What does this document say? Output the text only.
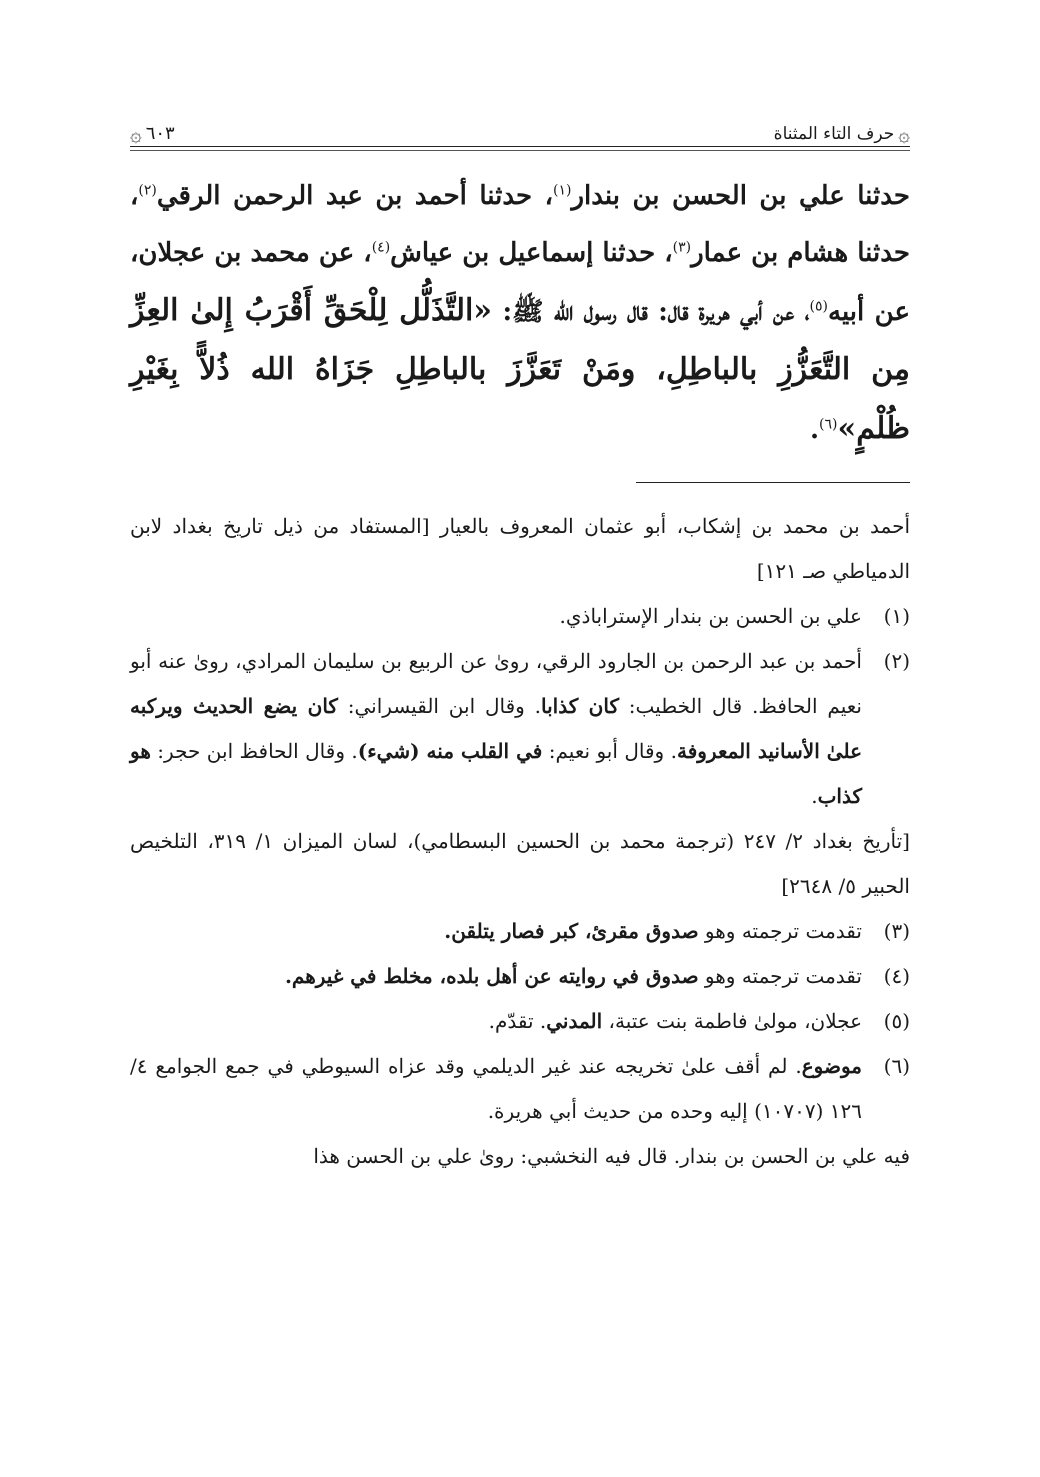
۞ ٦٠٣	۞
حرف التاء المثناة

حدثنا علي بن الحسن بن بندار$^{(١)}$، حدثنا أحمد بن عبد الرحمن الرقي$^{(٢)}$، حدثنا هشام بن عمار$^{(٣)}$، حدثنا إسماعيل بن عياش$^{(٤)}$، عن محمد بن عجلان، عن أبيه$^{(٥)}$، عن أبي هريرة قال: قال رسول الله ﷺ: «التَّذَلُّل لِلْحَقِّ أَقْرَبُ إِلىٰ العِزِّ مِن التَّعَزُّزِ بالباطِلِ، ومَنْ تَعَزَّزَ بالباطِلِ جَزَاهُ الله ذُلاًّ بِغَيْرِ ظُلْمٍ»$^{(٦)}$.

أحمد بن محمد بن إشكاب، أبو عثمان المعروف بالعيار [المستفاد من ذيل تاريخ بغداد لابن الدمياطي صـ ١٢١]

(١)
علي بن الحسن بن بندار الإستراباذي.
(٢)
أحمد بن عبد الرحمن بن الجارود الرقي، روىٰ عن الربيع بن سليمان المرادي، روىٰ عنه أبو نعيم الحافظ. قال الخطيب: كان كذابا. وقال ابن القيسراني: كان يضع الحديث ويركبه علىٰ الأسانيد المعروفة. وقال أبو نعيم: في القلب منه (شيء). وقال الحافظ ابن حجر: هو كذاب.

[تأريخ بغداد ٢/ ٢٤٧ (ترجمة محمد بن الحسين البسطامي)، لسان الميزان ١/ ٣١٩، التلخيص الحبير ٥/ ٢٦٤٨]

(٣)
تقدمت ترجمته وهو صدوق مقرئ، كبر فصار يتلقن.
(٤)
تقدمت ترجمته وهو صدوق في روايته عن أهل بلده، مخلط في غيرهم.
(٥)
عجلان، مولىٰ فاطمة بنت عتبة، المدني. تقدّم.
(٦)
موضوع. لم أقف علىٰ تخريجه عند غير الديلمي وقد عزاه السيوطي في جمع الجوامع ٤/ ١٢٦ (١٠٧٠٧) إليه وحده من حديث أبي هريرة.

فيه علي بن الحسن بن بندار. قال فيه النخشبي: روىٰ علي بن الحسن هذا
